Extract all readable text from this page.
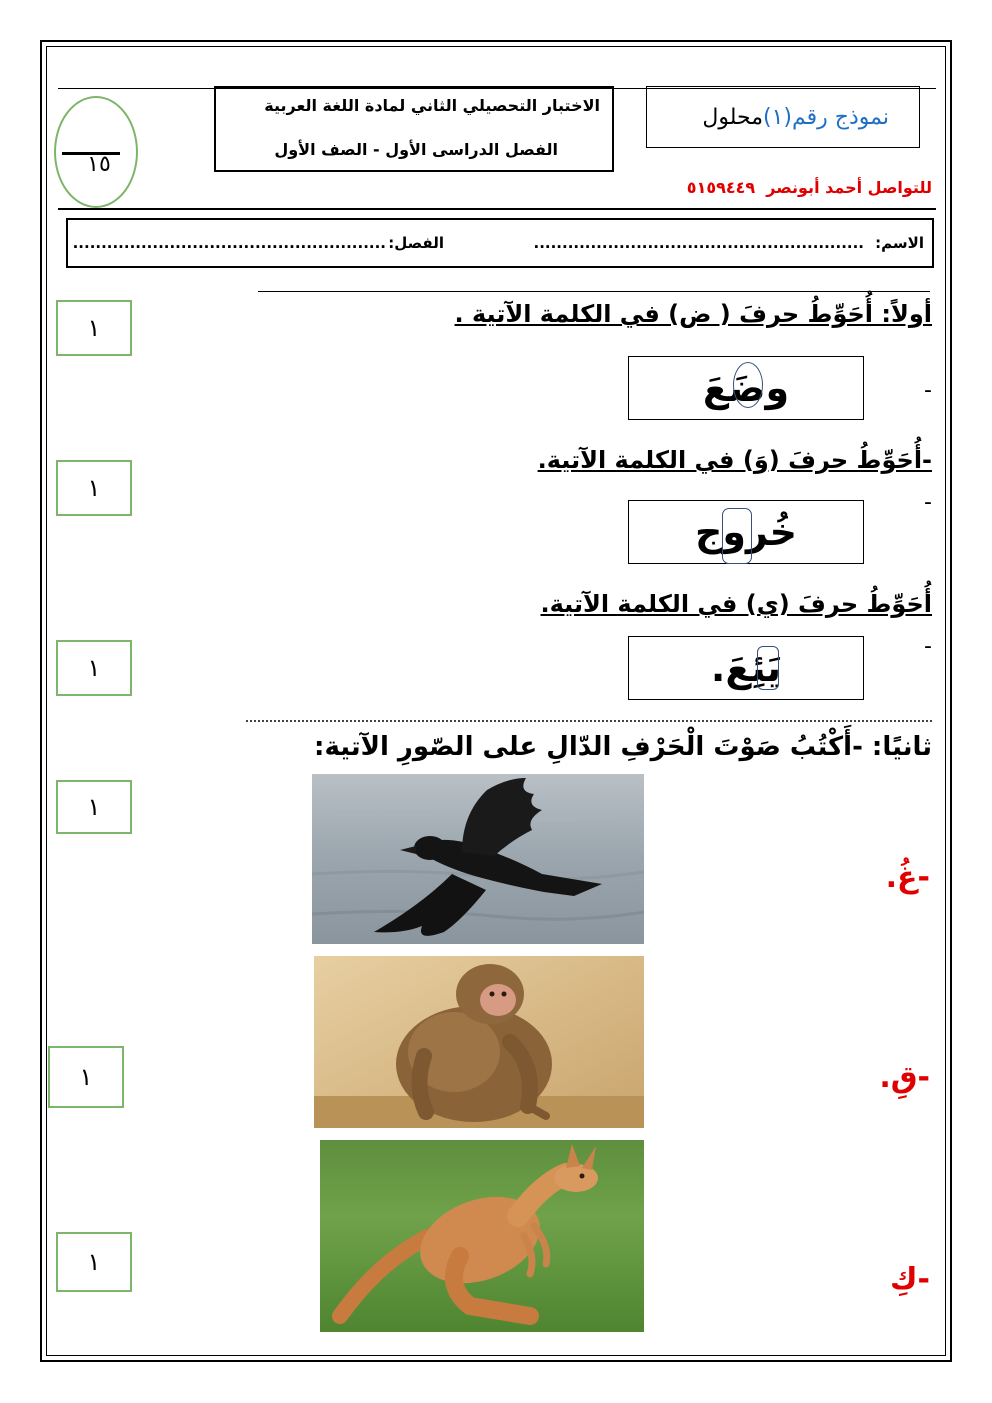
١٥
الاختبار التحصيلي الثاني لمادة اللغة العربية
الفصل الدراسى الأول - الصف الأول
نموذج رقم(١)
محلول
للتواصل أحمد أبونصر  ٥١٥٩٤٤٩
الاسم:
..........................................................
الفصل:
.......................................................
أولاً: أُحَوِّطُ حرفَ ( ض) في الكلمة الآتية .
-
وضَعَ
-أُحَوِّطُ حرفَ (وَ) في الكلمة الآتية.
-
خُروج
أُحَوِّطُ حرفَ (ي) في الكلمة الآتية.
-
يَئِعَ.
ثانيًا: -أَكْتُبُ صَوْتَ الْحَرْفِ الدّالِ على الصّورِ الآتية:
١
١
١
١
١
١
-غُ.
-قِ.
-كِ
